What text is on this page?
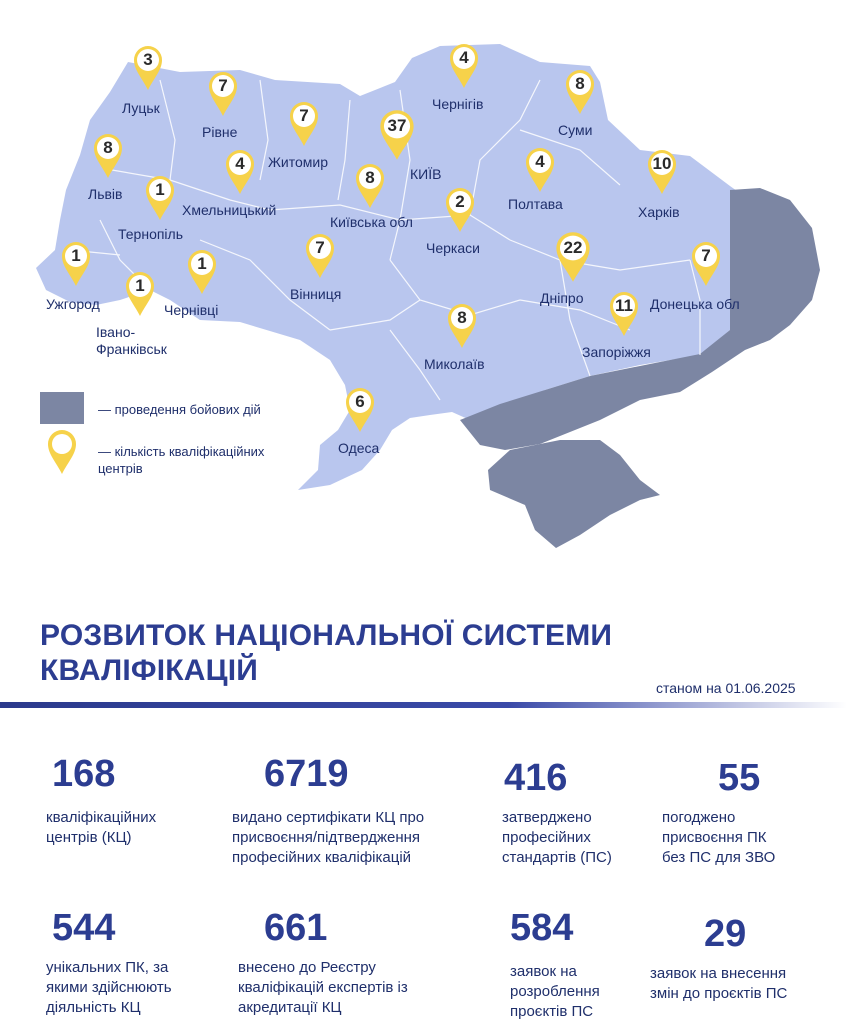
— проведення бойових дій
— кількість кваліфікаційних
центрів
3
Луцьк
7
Рівне
8
Львів	1
Тернопіль
4
Хмельницький
7
Житомир
37
КИЇВ
8
Київська обл
4
Чернігів
8
Суми
4
Полтава
10
Харків
2
Черкаси
7
Вінниця
1
Ужгород
1
Івано-
Франківськ
1
Чернівці
22
Дніпро
7
Донецька обл
11
Запоріжжя
8
Миколаїв
6
Одеса
РОЗВИТОК НАЦІОНАЛЬНОЇ СИСТЕМИ КВАЛІФІКАЦІЙ
станом на 01.06.2025
168
кваліфікаційних
центрів (КЦ)
6719
видано сертифікати КЦ про
присвоєння/підтвердження
професійних кваліфікацій
416
затверджено
професійних
стандартів (ПС)
55
погоджено
присвоєння ПК
без ПС для ЗВО
544
унікальних ПК, за
якими здійснюють
діяльність КЦ
661
внесено до Реєстру
кваліфікацій експертів із
акредитації КЦ
584
заявок на
розроблення
проєктів ПС
29
заявок на внесення
змін до проєктів ПС
